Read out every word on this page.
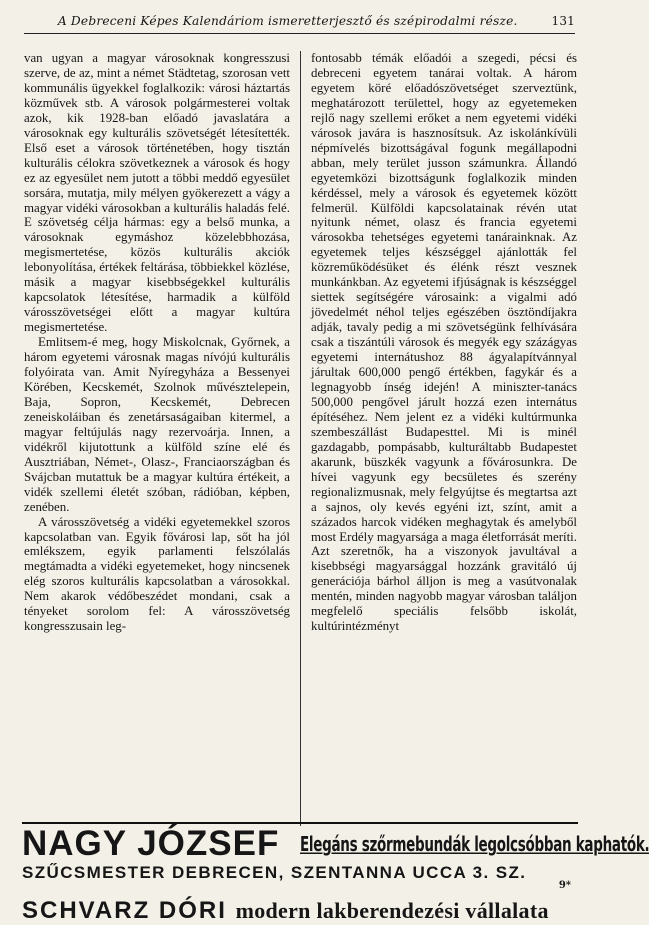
A Debreceni Képes Kalendáriom ismeretterjesztő és szépirodalmi része.	131

van ugyan a magyar városoknak kongresszusi szerve, de az, mint a német Städtetag, szorosan vett kommunális ügyekkel foglalkozik: városi háztartás közművek stb. A városok polgármesterei voltak azok, kik 1928-ban előadó javaslatára a városoknak egy kulturális szövetségét létesítették. Első eset a városok történetében, hogy tisztán kulturális célokra szövetkeznek a városok és hogy ez az egyesület nem jutott a többi meddő egyesület sorsára, mutatja, mily mélyen gyökerezett a vágy a magyar vidéki városokban a kulturális haladás felé. E szövetség célja hármas: egy a belső munka, a városoknak egymáshoz közelebbhozása, megismertetése, közös kulturális akciók lebonyolítása, értékek feltárása, többiekkel közlése, másik a magyar kisebbségekkel kulturális kapcsolatok létesítése, harmadik a külföld városszövetségei előtt a magyar kultúra megismertetése.

Emlitsem-é meg, hogy Miskolcnak, Győrnek, a három egyetemi városnak magas nívójú kulturális folyóirata van. Amit Nyíregyháza a Bessenyei Körében, Kecskemét, Szolnok művésztelepein, Baja, Sopron, Kecskemét, Debrecen zeneiskoláiban és zenetársaságaiban kitermel, a magyar feltújulás nagy rezervoárja. Innen, a vidékről kijutottunk a külföld színe elé és Ausztriában, Német-, Olasz-, Franciaországban és Svájcban mutattuk be a magyar kultúra értékeit, a vidék szellemi életét szóban, rádióban, képben, zenében.

A városszövetség a vidéki egyetemekkel szoros kapcsolatban van. Egyik fővárosi lap, sőt ha jól emlékszem, egyik parlamenti felszólalás megtámadta a vidéki egyetemeket, hogy nincsenek elég szoros kulturális kapcsolatban a városokkal. Nem akarok védőbeszédet mondani, csak a tényeket sorolom fel: A városszövetség kongresszusain leg-

fontosabb témák előadói a szegedi, pécsi és debreceni egyetem tanárai voltak. A három egyetem köré előadószövetséget szerveztünk, meghatározott területtel, hogy az egyetemeken rejlő nagy szellemi erőket a nem egyetemi vidéki városok javára is hasznosítsuk. Az iskolánkívüli népmívelés bizottságával fogunk megállapodni abban, mely terület jusson számunkra. Állandó egyetemközi bizottságunk foglalkozik minden kérdéssel, mely a városok és egyetemek között felmerül. Külföldi kapcsolatainak révén utat nyitunk német, olasz és francia egyetemi városokba tehetséges egyetemi tanárainknak. Az egyetemek teljes készséggel ajánlották fel közreműködésüket és élénk részt vesznek munkánkban. Az egyetemi ifjúságnak is készséggel siettek segítségére városaink: a vigalmi adó jövedelmét néhol teljes egészében ösztöndíjakra adják, tavaly pedig a mi szövetségünk felhívására csak a tiszántúli városok és megyék egy százágyas egyetemi internátushoz 88 ágyalapítvánnyal járultak 600,000 pengő értékben, fagykár és a legnagyobb ínség idején! A miniszter-tanács 500,000 pengővel járult hozzá ezen internátus építéséhez. Nem jelent ez a vidéki kultúrmunka szembeszállást Budapesttel. Mi is minél gazdagabb, pompásabb, kulturáltabb Budapestet akarunk, büszkék vagyunk a fővárosunkra. De hívei vagyunk egy becsületes és szerény regionalizmusnak, mely felgyújtse és megtartsa azt a sajnos, oly kevés egyéni izt, színt, amit a százados harcok vidéken meghagytak és amelyből most Erdély magyarsága a maga életforrását meríti. Azt szeretnők, ha a viszonyok javultával a kisebbségi magyarsággal hozzánk gravitáló új generációja bárhol álljon is meg a vasútvonalak mentén, minden nagyobb magyar városban találjon megfelelő speciális felsőbb iskolát, kultúrintézményt

NAGY JÓZSEF Elegáns szőrmebundák legolcsóbban kaphatók.
SZŰCSMESTER DEBRECEN, SZENTANNA UCCA 3. SZ.
SCHVARZ DÓRI modern lakberendezési vállalata
9*
